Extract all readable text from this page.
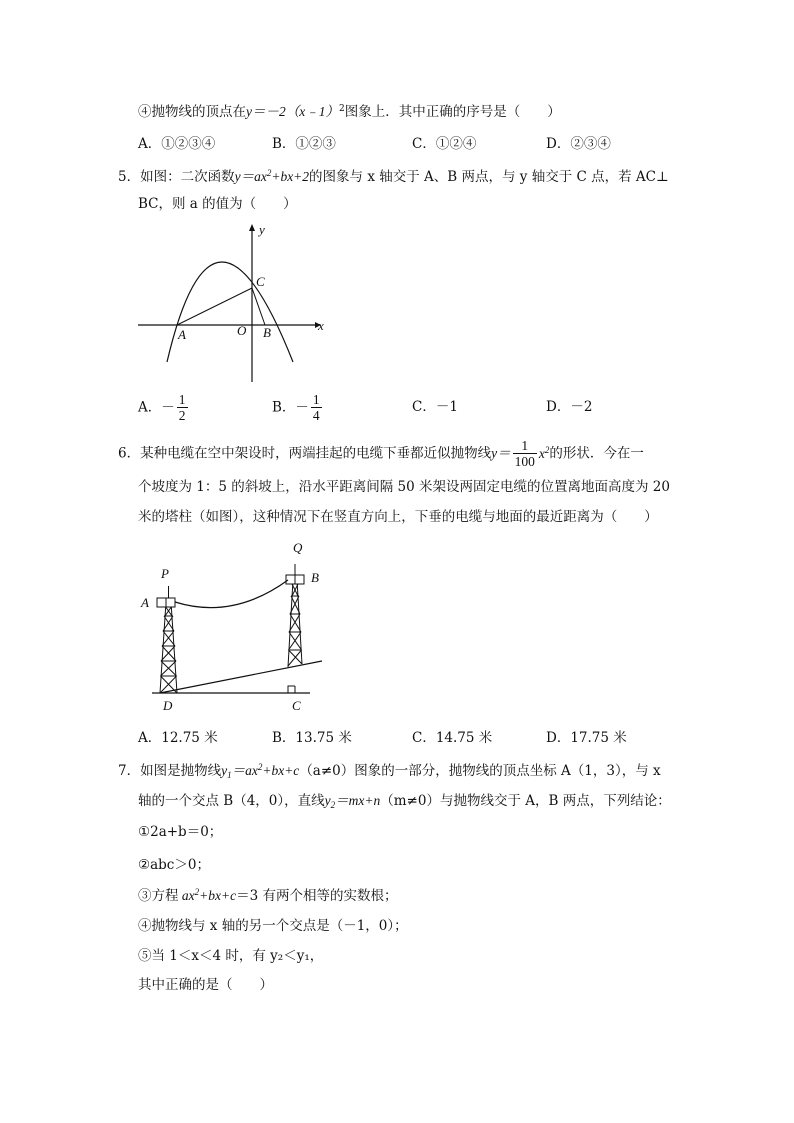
④抛物线的顶点在y＝－2（x﹣1）$^2$图象上．其中正确的序号是（　　）
A．①②③④	B．①②③	C．①②④	D．②③④
5．如图：二次函数$y=ax^2+bx+2$的图象与 x 轴交于 A、B 两点，与 y 轴交于 C 点，若 AC⊥
BC，则 a 的值为（　　）
y
x
C
A	O B
A．－ $\frac{1}{2}$	B．－ $\frac{1}{4}$	C．－1	D．－2
6．某种电缆在空中架设时，两端挂起的电缆下垂都近似抛物线$y= \frac{1}{100} x^2$的形状．今在一
个坡度为 1：5 的斜坡上，沿水平距离间隔 50 米架设两固定电缆的位置离地面高度为 20
米的塔柱（如图），这种情况下在竖直方向上，下垂的电缆与地面的最近距离为（　　）
P
Q
A
B
D	C
A．12.75 米	B．13.75 米	C．14.75 米	D．17.75 米
7．如图是抛物线$y_1=ax^2+bx+c(a\ne 0)$图象的一部分，抛物线的顶点坐标 A（1，3），与 x
轴的一个交点 B（4，0），直线$y_2=mx+n(m\ne 0)$与抛物线交于 A，B 两点，下列结论：
①2a+b＝0；
②abc＞0；
③方程 $ax^2+bx+c=3$ 有两个相等的实数根；
④抛物线与 x 轴的另一个交点是（－1，0）；
⑤当 1＜x＜4 时，有 y₂＜y₁，
其中正确的是（　　）
